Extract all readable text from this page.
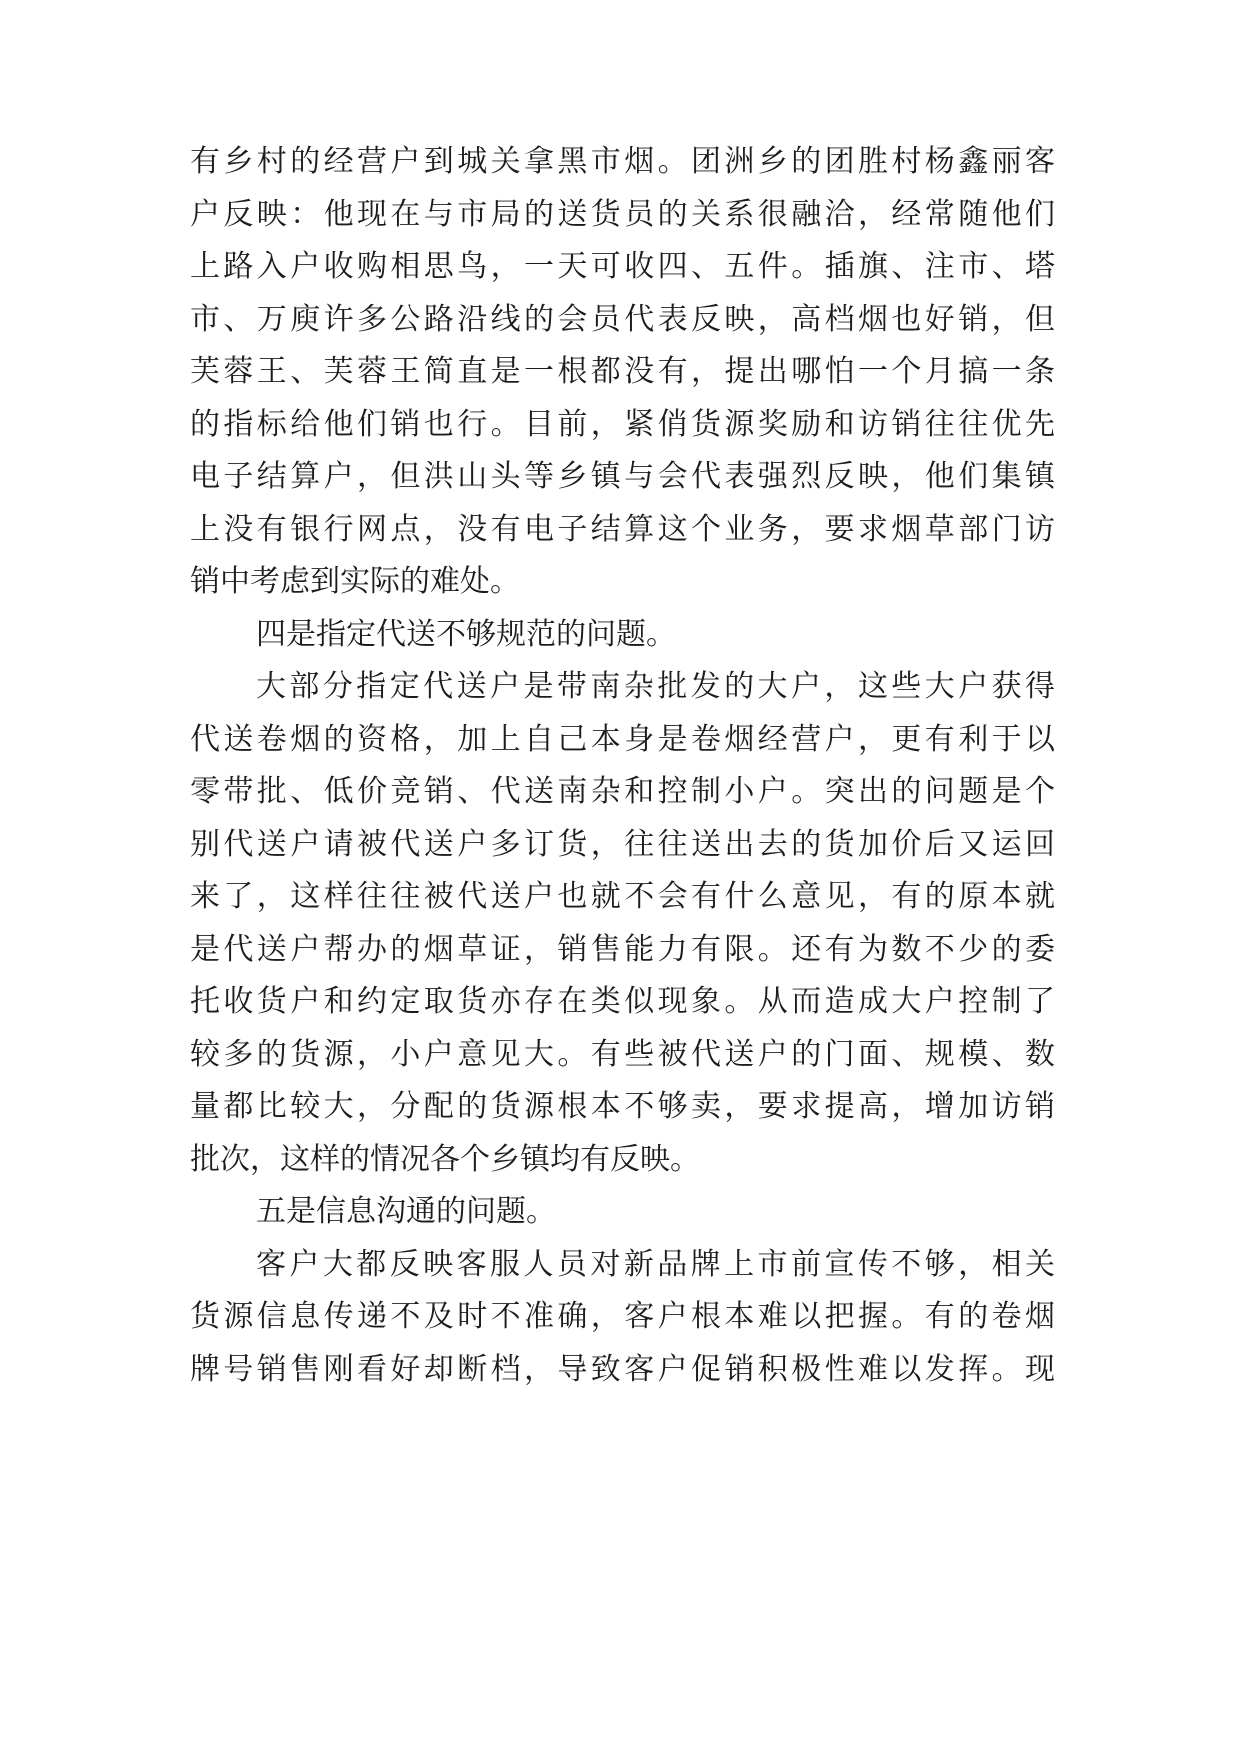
有乡村的经营户到城关拿黑市烟。团洲乡的团胜村杨鑫丽客
户反映：他现在与市局的送货员的关系很融洽，经常随他们
上路入户收购相思鸟，一天可收四、五件。插旗、注市、塔
市、万庾许多公路沿线的会员代表反映，高档烟也好销，但
芙蓉王、芙蓉王简直是一根都没有，提出哪怕一个月搞一条
的指标给他们销也行。目前，紧俏货源奖励和访销往往优先
电子结算户，但洪山头等乡镇与会代表强烈反映，他们集镇
上没有银行网点，没有电子结算这个业务，要求烟草部门访
销中考虑到实际的难处。
四是指定代送不够规范的问题。
大部分指定代送户是带南杂批发的大户，这些大户获得
代送卷烟的资格，加上自己本身是卷烟经营户，更有利于以
零带批、低价竞销、代送南杂和控制小户。突出的问题是个
别代送户请被代送户多订货，往往送出去的货加价后又运回
来了，这样往往被代送户也就不会有什么意见，有的原本就
是代送户帮办的烟草证，销售能力有限。还有为数不少的委
托收货户和约定取货亦存在类似现象。从而造成大户控制了
较多的货源，小户意见大。有些被代送户的门面、规模、数
量都比较大，分配的货源根本不够卖，要求提高，增加访销
批次，这样的情况各个乡镇均有反映。
五是信息沟通的问题。
客户大都反映客服人员对新品牌上市前宣传不够，相关
货源信息传递不及时不准确，客户根本难以把握。有的卷烟
牌号销售刚看好却断档，导致客户促销积极性难以发挥。现
